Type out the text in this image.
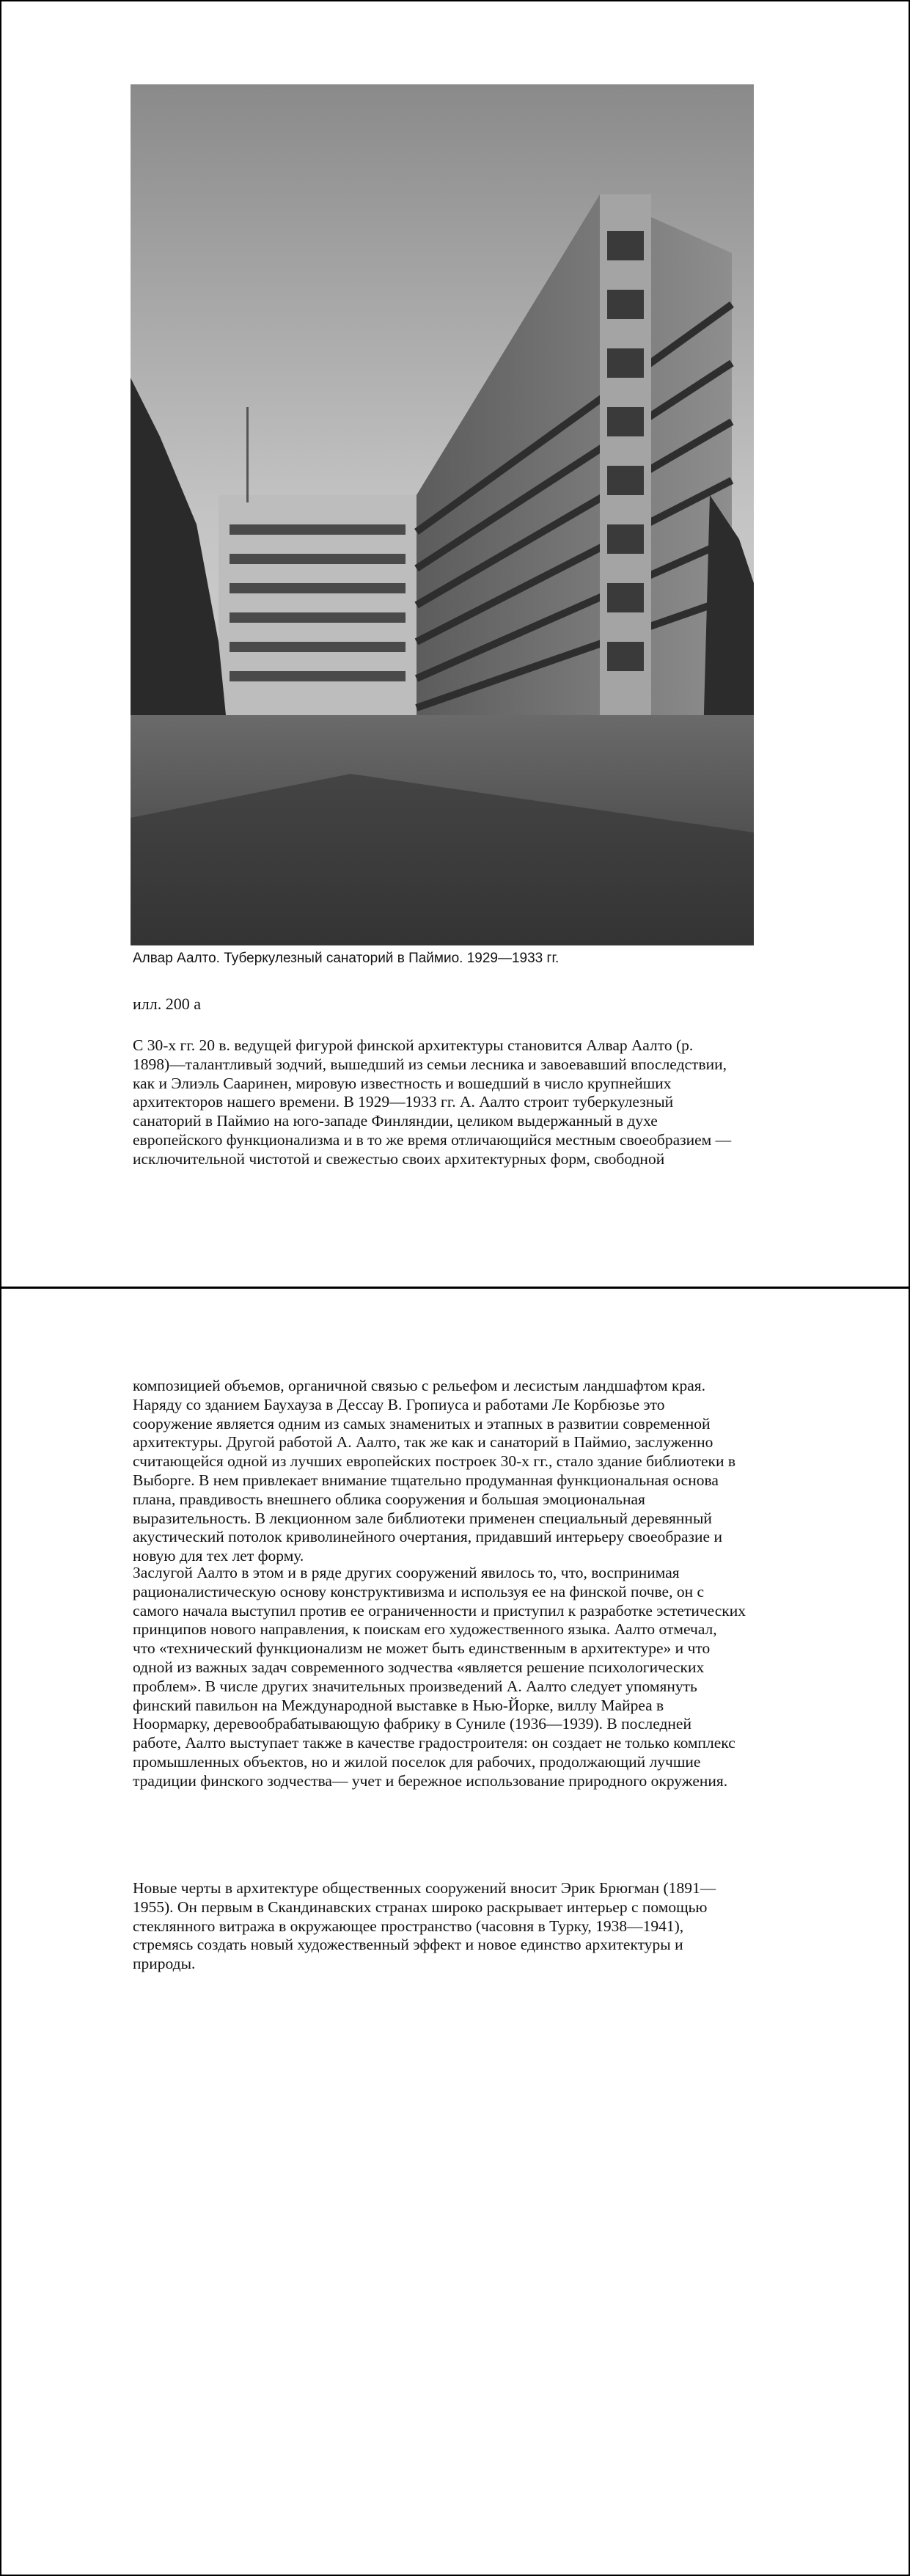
Алвар Аалто. Туберкулезный санаторий в Паймио. 1929—1933 гг.
илл. 200 а
С 30-х гг. 20 в. ведущей фигурой финской архитектуры становится Алвар Аалто (р.
1898)—талантливый зодчий, вышедший из семьи лесника и завоевавший впоследствии,
как и Элиэль Сааринен, мировую известность и вошедший в число крупнейших
архитекторов нашего времени. В 1929—1933 гг. А. Аалто строит туберкулезный
санаторий в Паймио на юго-западе Финляндии, целиком выдержанный в духе
европейского функционализма и в то же время отличающийся местным своеобразием —
исключительной чистотой и свежестью своих архитектурных форм, свободной
композицией объемов, органичной связью с рельефом и лесистым ландшафтом края.
Наряду со зданием Баухауза в Дессау В. Гропиуса и работами Ле Корбюзье это
сооружение является одним из самых знаменитых и этапных в развитии современной
архитектуры. Другой работой А. Аалто, так же как и санаторий в Паймио, заслуженно
считающейся одной из лучших европейских построек 30-х гг., стало здание библиотеки в
Выборге. В нем привлекает внимание тщательно продуманная функциональная основа
плана, правдивость внешнего облика сооружения и большая эмоциональная
выразительность. В лекционном зале библиотеки применен специальный деревянный
акустический потолок криволинейного очертания, придавший интерьеру своеобразие и
новую для тех лет форму.
Заслугой Аалто в этом и в ряде других сооружений явилось то, что, воспринимая
рационалистическую основу конструктивизма и используя ее на финской почве, он с
самого начала выступил против ее ограниченности и приступил к разработке эстетических
принципов нового направления, к поискам его художественного языка. Аалто отмечал,
что «технический функционализм не может быть единственным в архитектуре» и что
одной из важных задач современного зодчества «является решение психологических
проблем». В числе других значительных произведений А. Аалто следует упомянуть
финский павильон на Международной выставке в Нью-Йорке, виллу Майреа в
Ноормарку, деревообрабатывающую фабрику в Суниле (1936—1939). В последней
работе, Аалто выступает также в качестве градостроителя: он создает не только комплекс
промышленных объектов, но и жилой поселок для рабочих, продолжающий лучшие
традиции финского зодчества— учет и бережное использование природного окружения.
Новые черты в архитектуре общественных сооружений вносит Эрик Брюгман (1891—
1955). Он первым в Скандинавских странах широко раскрывает интерьер с помощью
стеклянного витража в окружающее пространство (часовня в Турку, 1938—1941),
стремясь создать новый художественный эффект и новое единство архитектуры и
природы.
